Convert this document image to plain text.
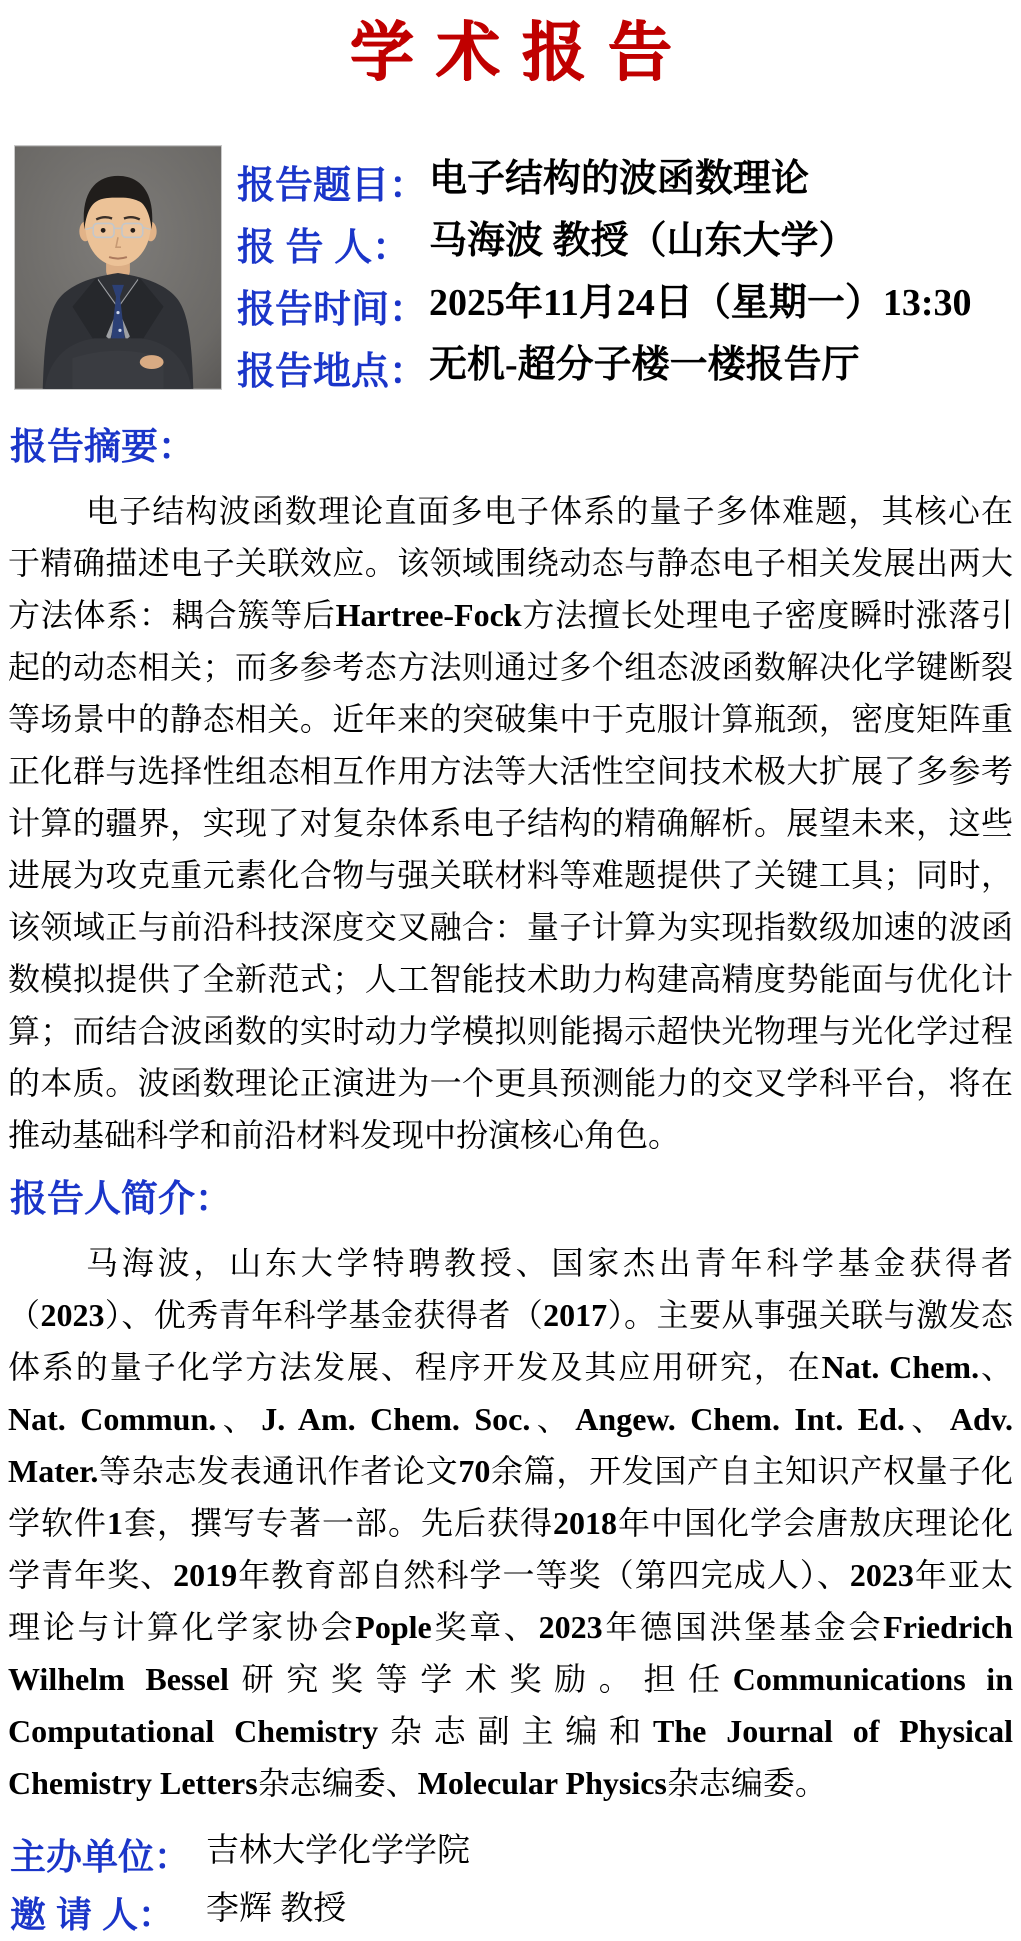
学术报告
报告题目：电子结构的波函数理论
报 告 人： 马海波 教授（山东大学）
报告时间：2025年11月24日（星期一）13:30
报告地点：无机-超分子楼一楼报告厅
报告摘要：

电子结构波函数理论直面多电子体系的量子多体难题，其核心在于精确描述电子关联效应。该领域围绕动态与静态电子相关发展出两大方法体系：耦合簇等后Hartree-Fock方法擅长处理电子密度瞬时涨落引起的动态相关；而多参考态方法则通过多个组态波函数解决化学键断裂等场景中的静态相关。近年来的突破集中于克服计算瓶颈，密度矩阵重正化群与选择性组态相互作用方法等大活性空间技术极大扩展了多参考计算的疆界，实现了对复杂体系电子结构的精确解析。展望未来，这些进展为攻克重元素化合物与强关联材料等难题提供了关键工具；同时，该领域正与前沿科技深度交叉融合：量子计算为实现指数级加速的波函数模拟提供了全新范式；人工智能技术助力构建高精度势能面与优化计算；而结合波函数的实时动力学模拟则能揭示超快光物理与光化学过程的本质。波函数理论正演进为一个更具预测能力的交叉学科平台，将在推动基础科学和前沿材料发现中扮演核心角色。

报告人简介：

马海波，山东大学特聘教授、国家杰出青年科学基金获得者（2023）、优秀青年科学基金获得者（2017）。主要从事强关联与激发态体系的量子化学方法发展、程序开发及其应用研究，在Nat. Chem.、Nat. Commun.、J. Am. Chem. Soc.、Angew. Chem. Int. Ed.、Adv. Mater.等杂志发表通讯作者论文70余篇，开发国产自主知识产权量子化学软件1套，撰写专著一部。先后获得2018年中国化学会唐敖庆理论化学青年奖、2019年教育部自然科学一等奖（第四完成人）、2023年亚太理论与计算化学家协会Pople奖章、2023年德国洪堡基金会Friedrich Wilhelm Bessel研究奖等学术奖励。担任Communications in Computational Chemistry杂志副主编和The Journal of Physical Chemistry Letters杂志编委、Molecular Physics杂志编委。

主办单位： 吉林大学化学学院
邀 请 人： 李辉 教授
